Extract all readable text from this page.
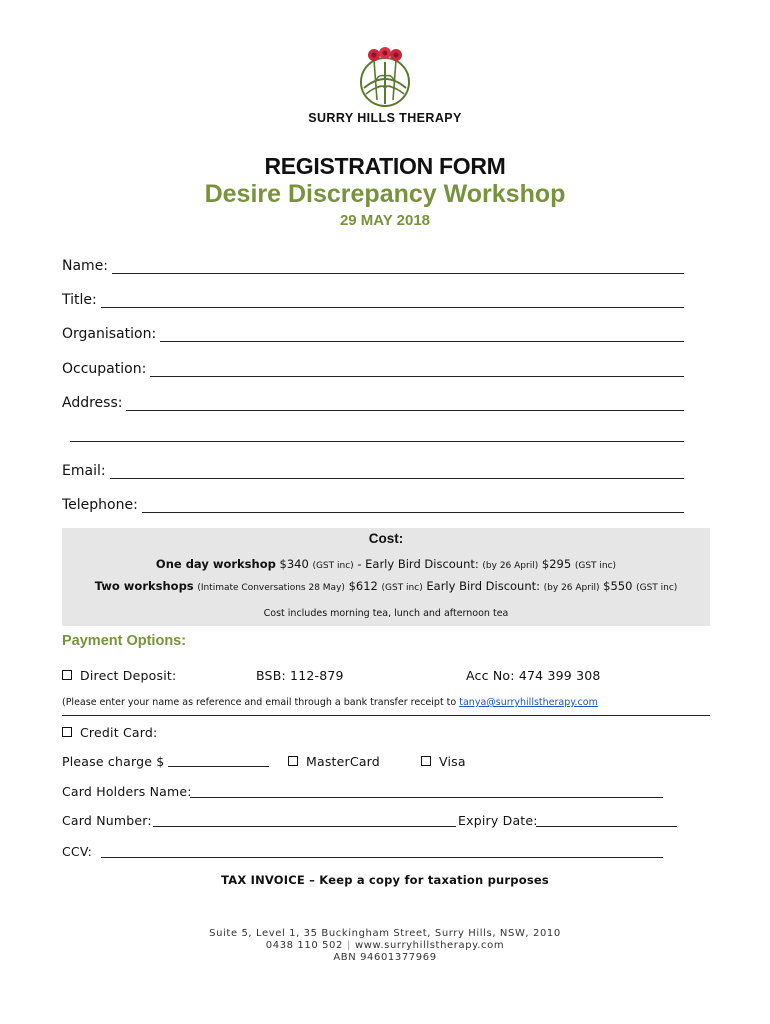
SURRY HILLS THERAPY
REGISTRATION FORM
Desire Discrepancy Workshop
29 MAY 2018
Name:
Title:
Organisation:
Occupation:
Address:
Email:
Telephone:
Cost:
One day workshop $340 (GST inc) - Early Bird Discount: (by 26 April) $295 (GST inc)
Two workshops (Intimate Conversations 28 May) $612 (GST inc) Early Bird Discount: (by 26 April) $550 (GST inc)
Cost includes morning tea, lunch and afternoon tea
Payment Options:
Direct Deposit:	BSB: 112-879	Acc No: 474 399 308
(Please enter your name as reference and email through a bank transfer receipt to tanya@surryhillstherapy.com
Credit Card:
Please charge $	MasterCard	Visa
Card Holders Name:
Card Number:	Expiry Date:
CCV:
TAX INVOICE – Keep a copy for taxation purposes
Suite 5, Level 1, 35 Buckingham Street, Surry Hills, NSW, 2010
0438 110 502 | www.surryhillstherapy.com
ABN 94601377969
